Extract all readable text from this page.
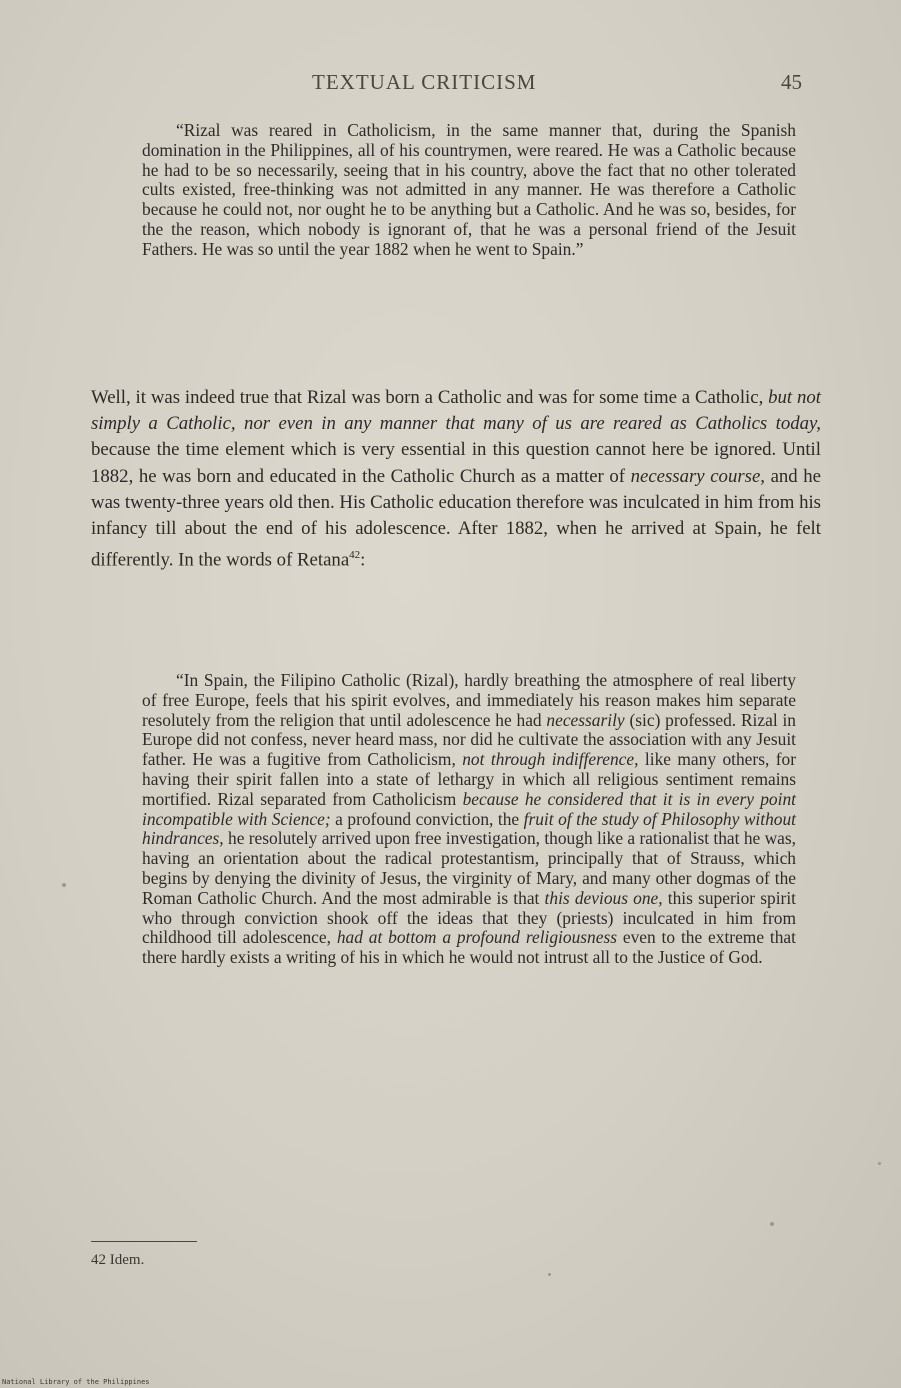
TEXTUAL CRITICISM	45

“Rizal was reared in Catholicism, in the same manner that, during the Spanish domination in the Philippines, all of his countrymen, were reared. He was a Catholic because he had to be so necessarily, seeing that in his country, above the fact that no other tolerated cults existed, free-thinking was not admitted in any manner. He was therefore a Catholic because he could not, nor ought he to be anything but a Catholic. And he was so, besides, for the the reason, which nobody is ignorant of, that he was a personal friend of the Jesuit Fathers. He was so until the year 1882 when he went to Spain.”

Well, it was indeed true that Rizal was born a Catholic and was for some time a Catholic, but not simply a Catholic, nor even in any manner that many of us are reared as Catholics today, because the time element which is very essential in this question cannot here be ignored. Until 1882, he was born and educated in the Catholic Church as a matter of necessary course, and he was twenty-three years old then. His Catholic education therefore was inculcated in him from his infancy till about the end of his adolescence. After 1882, when he arrived at Spain, he felt differently. In the words of Retana$^{42}$:

“In Spain, the Filipino Catholic (Rizal), hardly breathing the atmosphere of real liberty of free Europe, feels that his spirit evolves, and immediately his reason makes him separate resolutely from the religion that until adolescence he had necessarily (sic) professed. Rizal in Europe did not confess, never heard mass, nor did he cultivate the association with any Jesuit father. He was a fugitive from Catholicism, not through indifference, like many others, for having their spirit fallen into a state of lethargy in which all religious sentiment remains mortified. Rizal separated from Catholicism because he considered that it is in every point incompatible with Science; a profound conviction, the fruit of the study of Philosophy without hindrances, he resolutely arrived upon free investigation, though like a rationalist that he was, having an orientation about the radical protestantism, principally that of Strauss, which begins by denying the divinity of Jesus, the virginity of Mary, and many other dogmas of the Roman Catholic Church. And the most admirable is that this devious one, this superior spirit who through conviction shook off the ideas that they (priests) inculcated in him from childhood till adolescence, had at bottom a profound religiousness even to the extreme that there hardly exists a writing of his in which he would not intrust all to the Justice of God.

42 Idem.
National Library of the Philippines
